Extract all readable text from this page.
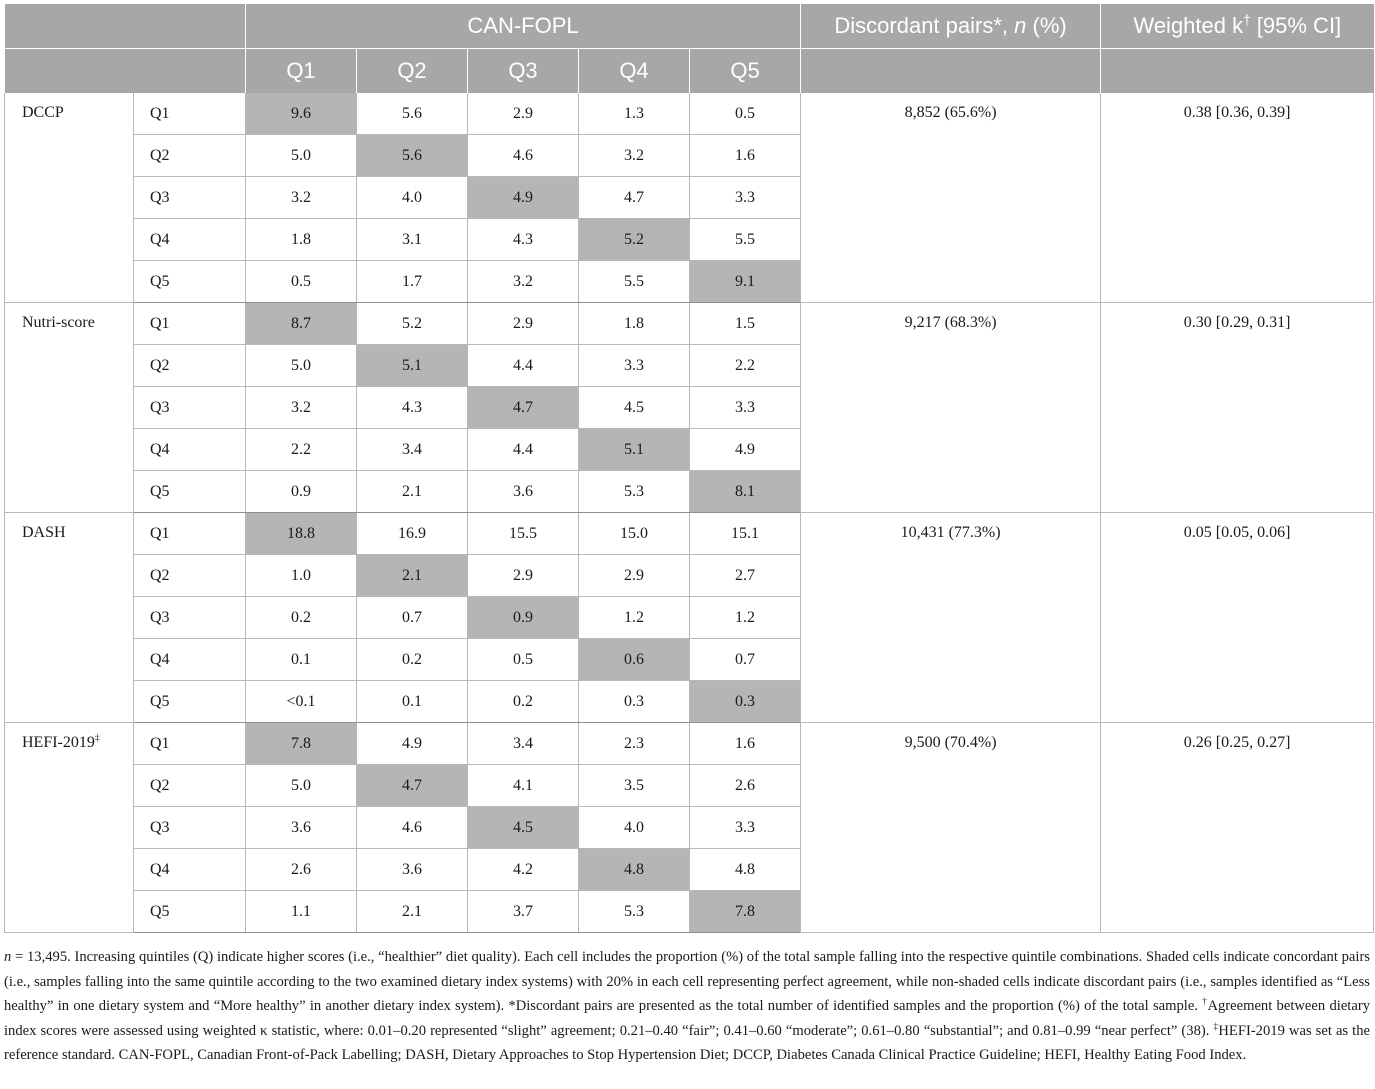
		CAN-FOPL					Discordant pairs*, n (%)	Weighted k† [95% CI]
		Q1	Q2	Q3	Q4	Q5		
DCCP	Q1	9.6	5.6	2.9	1.3	0.5	8,852 (65.6%)	0.38 [0.36, 0.39]
	Q2	5.0	5.6	4.6	3.2	1.6		
	Q3	3.2	4.0	4.9	4.7	3.3		
	Q4	1.8	3.1	4.3	5.2	5.5		
	Q5	0.5	1.7	3.2	5.5	9.1		
Nutri-score	Q1	8.7	5.2	2.9	1.8	1.5	9,217 (68.3%)	0.30 [0.29, 0.31]
	Q2	5.0	5.1	4.4	3.3	2.2		
	Q3	3.2	4.3	4.7	4.5	3.3		
	Q4	2.2	3.4	4.4	5.1	4.9		
	Q5	0.9	2.1	3.6	5.3	8.1		
DASH	Q1	18.8	16.9	15.5	15.0	15.1	10,431 (77.3%)	0.05 [0.05, 0.06]
	Q2	1.0	2.1	2.9	2.9	2.7		
	Q3	0.2	0.7	0.9	1.2	1.2		
	Q4	0.1	0.2	0.5	0.6	0.7		
	Q5	<0.1	0.1	0.2	0.3	0.3		
HEFI-2019‡	Q1	7.8	4.9	3.4	2.3	1.6	9,500 (70.4%)	0.26 [0.25, 0.27]
	Q2	5.0	4.7	4.1	3.5	2.6		
	Q3	3.6	4.6	4.5	4.0	3.3		
	Q4	2.6	3.6	4.2	4.8	4.8		
	Q5	1.1	2.1	3.7	5.3	7.8		
n = 13,495. Increasing quintiles (Q) indicate higher scores (i.e., “healthier” diet quality). Each cell includes the proportion (%) of the total sample falling into the respective quintile combinations. Shaded cells indicate concordant pairs (i.e., samples falling into the same quintile according to the two examined dietary index systems) with 20% in each cell representing perfect agreement, while non-shaded cells indicate discordant pairs (i.e., samples identified as “Less healthy” in one dietary system and “More healthy” in another dietary index system). *Discordant pairs are presented as the total number of identified samples and the proportion (%) of the total sample. †Agreement between dietary index scores were assessed using weighted κ statistic, where: 0.01–0.20 represented “slight” agreement; 0.21–0.40 “fair”; 0.41–0.60 “moderate”; 0.61–0.80 “substantial”; and 0.81–0.99 “near perfect” (38). ‡HEFI-2019 was set as the reference standard. CAN-FOPL, Canadian Front-of-Pack Labelling; DASH, Dietary Approaches to Stop Hypertension Diet; DCCP, Diabetes Canada Clinical Practice Guideline; HEFI, Healthy Eating Food Index.
